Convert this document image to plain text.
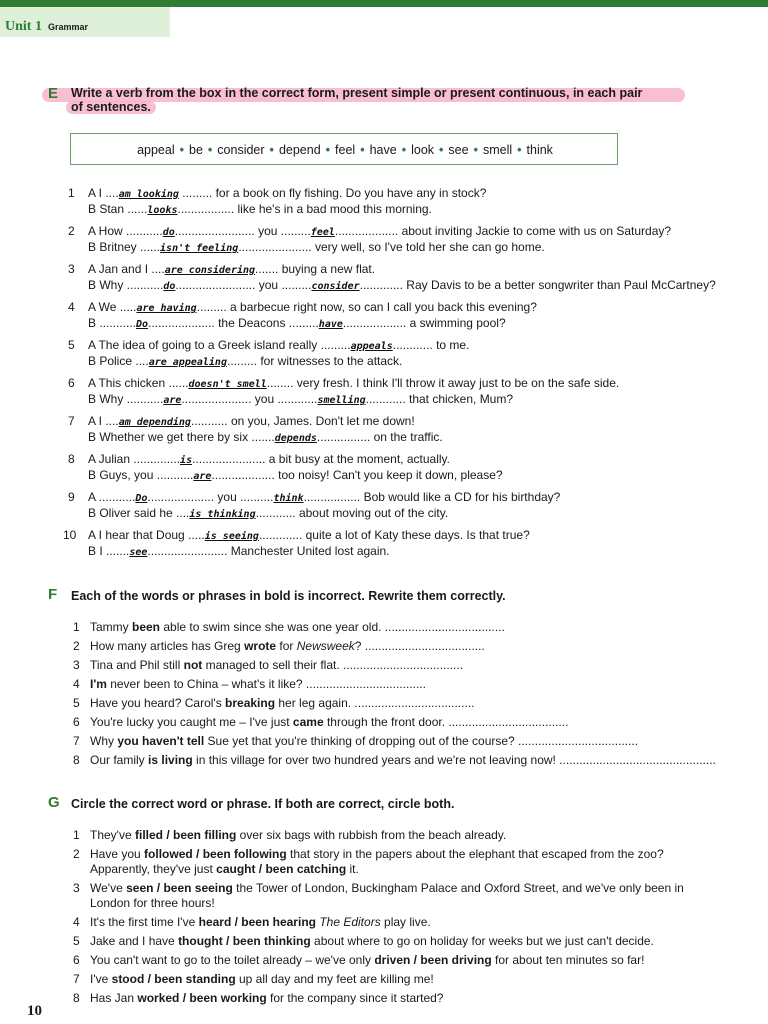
Unit 1 Grammar
E Write a verb from the box in the correct form, present simple or present continuous, in each pair
of sentences.
appeal • be • consider • depend • feel • have • look • see • smell • think
1	A I ....am looking ......... for a book on fly fishing. Do you have any in stock?
B Stan ......looks................. like he's in a bad mood this morning.
2	A How ...........do........................ you .........feel................... about inviting Jackie to come with us on Saturday?
B Britney ......isn't feeling...................... very well, so I've told her she can go home.
3	A Jan and I ....are considering....... buying a new flat.
B Why ...........do........................ you .........consider............. Ray Davis to be a better songwriter than Paul McCartney?
4	A We .....are having......... a barbecue right now, so can I call you back this evening?
B ...........Do.................... the Deacons .........have................... a swimming pool?
5	A The idea of going to a Greek island really .........appeals............ to me.
B Police ....are appealing......... for witnesses to the attack.
6	A This chicken ......doesn't smell........ very fresh. I think I'll throw it away just to be on the safe side.
B Why ...........are..................... you ............smelling............ that chicken, Mum?
7	A I ....am depending........... on you, James. Don't let me down!
B Whether we get there by six .......depends................ on the traffic.
8	A Julian ..............is...................... a bit busy at the moment, actually.
B Guys, you ...........are................... too noisy! Can't you keep it down, please?
9	A ...........Do.................... you ..........think................. Bob would like a CD for his birthday?
B Oliver said he ....is thinking............ about moving out of the city.
10 A I hear that Doug .....is seeing............. quite a lot of Katy these days. Is that true?
B I .......see........................ Manchester United lost again.
F Each of the words or phrases in bold is incorrect. Rewrite them correctly.
1 Tammy been able to swim since she was one year old. ....................................
2 How many articles has Greg wrote for Newsweek? ....................................
3 Tina and Phil still not managed to sell their flat. ....................................
4 I'm never been to China – what's it like? ....................................
5 Have you heard? Carol's breaking her leg again. ....................................
6 You're lucky you caught me – I've just came through the front door. ....................................
7 Why you haven't tell Sue yet that you're thinking of dropping out of the course? ....................................
8 Our family is living in this village for over two hundred years and we're not leaving now! ...............................................
G Circle the correct word or phrase. If both are correct, circle both.
1 They've filled / been filling over six bags with rubbish from the beach already.
2 Have you followed / been following that story in the papers about the elephant that escaped from the zoo?
Apparently, they've just caught / been catching it.
3 We've seen / been seeing the Tower of London, Buckingham Palace and Oxford Street, and we've only been in
London for three hours!
4 It's the first time I've heard / been hearing The Editors play live.
5 Jake and I have thought / been thinking about where to go on holiday for weeks but we just can't decide.
6 You can't want to go to the toilet already – we've only driven / been driving for about ten minutes so far!
7 I've stood / been standing up all day and my feet are killing me!
8 Has Jan worked / been working for the company since it started?
10
